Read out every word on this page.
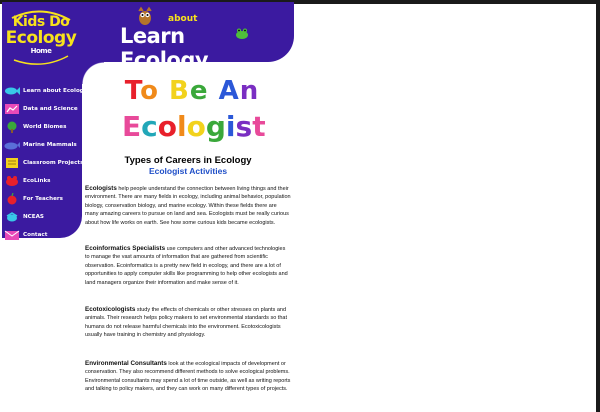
Kids Do
Ecology
Home
about
Learn Ecology
Learn about Ecology
Data and Science
World Biomes
Marine Mammals
Classroom Projects
EcoLinks
For Teachers
NCEAS
Contact
To Be An
Ecologist
Types of Careers in Ecology
Ecologist Activities

Ecologists help people understand the connection between living things and their environment. There are many fields in ecology, including animal behavior, population biology, conservation biology, and marine ecology. Within these fields there are many amazing careers to pursue on land and sea. Ecologists must be really curious about how life works on earth. See how some curious kids became ecologists.

Ecoinformatics Specialists use computers and other advanced technologies to manage the vast amounts of information that are gathered from scientific observation. Ecoinformatics is a pretty new field in ecology, and there are a lot of opportunities to apply computer skills like programming to help other ecologists and land managers organize their information and make sense of it.

Ecotoxicologists study the effects of chemicals or other stresses on plants and animals. Their research helps policy makers to set environmental standards so that humans do not release harmful chemicals into the environment. Ecotoxicologists usually have training in chemistry and physiology.

Environmental Consultants look at the ecological impacts of development or conservation. They also recommend different methods to solve ecological problems. Environmental consultants may spend a lot of time outside, as well as writing reports and talking to policy makers, and they can work on many different types of projects.
